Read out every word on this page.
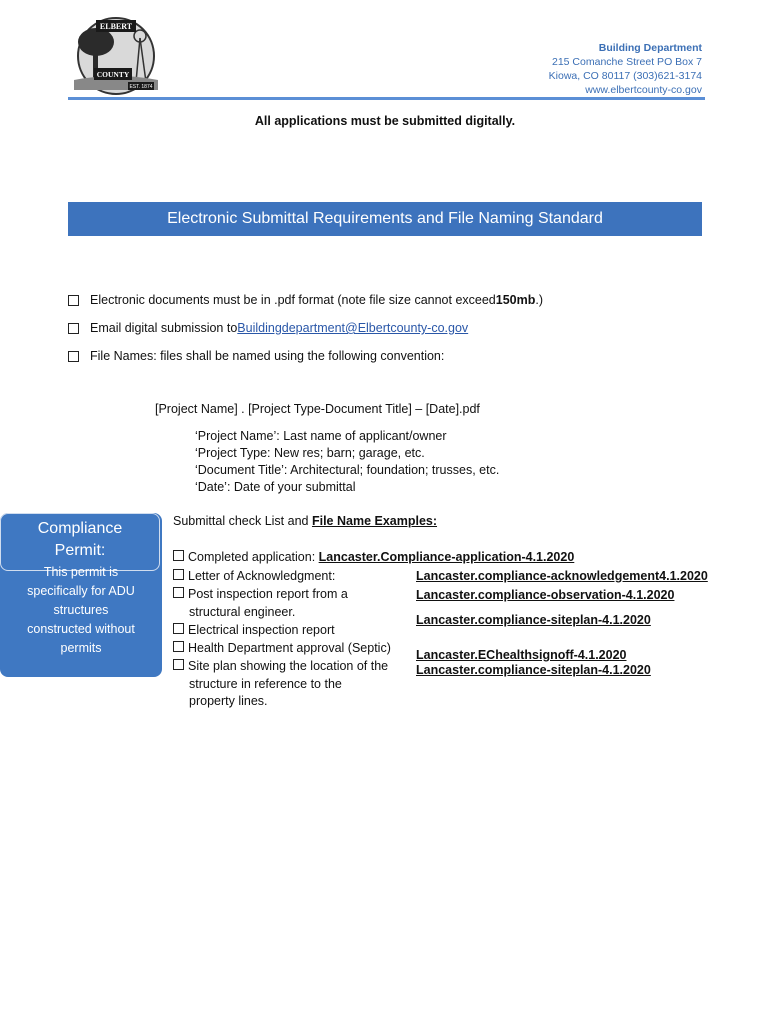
ELBERT
COUNTY
EST. 1874
Building Department
215 Comanche Street PO Box 7
Kiowa, CO 80117 (303)621-3174
www.elbertcounty-co.gov
All applications must be submitted digitally.
Electronic Submittal Requirements and File Naming Standard
Electronic documents must be in .pdf format (note file size cannot exceed 150mb .)
Email digital submission to Buildingdepartment@Elbertcounty-co.gov
File Names: files shall be named using the following convention:
[Project Name] . [Project Type-Document Title] – [Date].pdf
‘Project Name’: Last name of applicant/owner
‘Project Type: New res; barn; garage, etc.
‘Document Title’: Architectural; foundation; trusses, etc.
‘Date’: Date of your submittal
Compliance
Permit:
This permit is
specifically for ADU
structures
constructed without
permits
Submittal check List and File Name Examples:
Completed application: Lancaster.Compliance-application-4.1.2020
Letter of Acknowledgment:
Post inspection report from a
structural engineer.
Electrical inspection report
Health Department approval (Septic)
Site plan showing the location of the
structure in reference to the
property lines.
Lancaster.compliance-acknowledgement4.1.2020
Lancaster.compliance-observation-4.1.2020
Lancaster.compliance-siteplan-4.1.2020
Lancaster.EChealthsignoff-4.1.2020
Lancaster.compliance-siteplan-4.1.2020
